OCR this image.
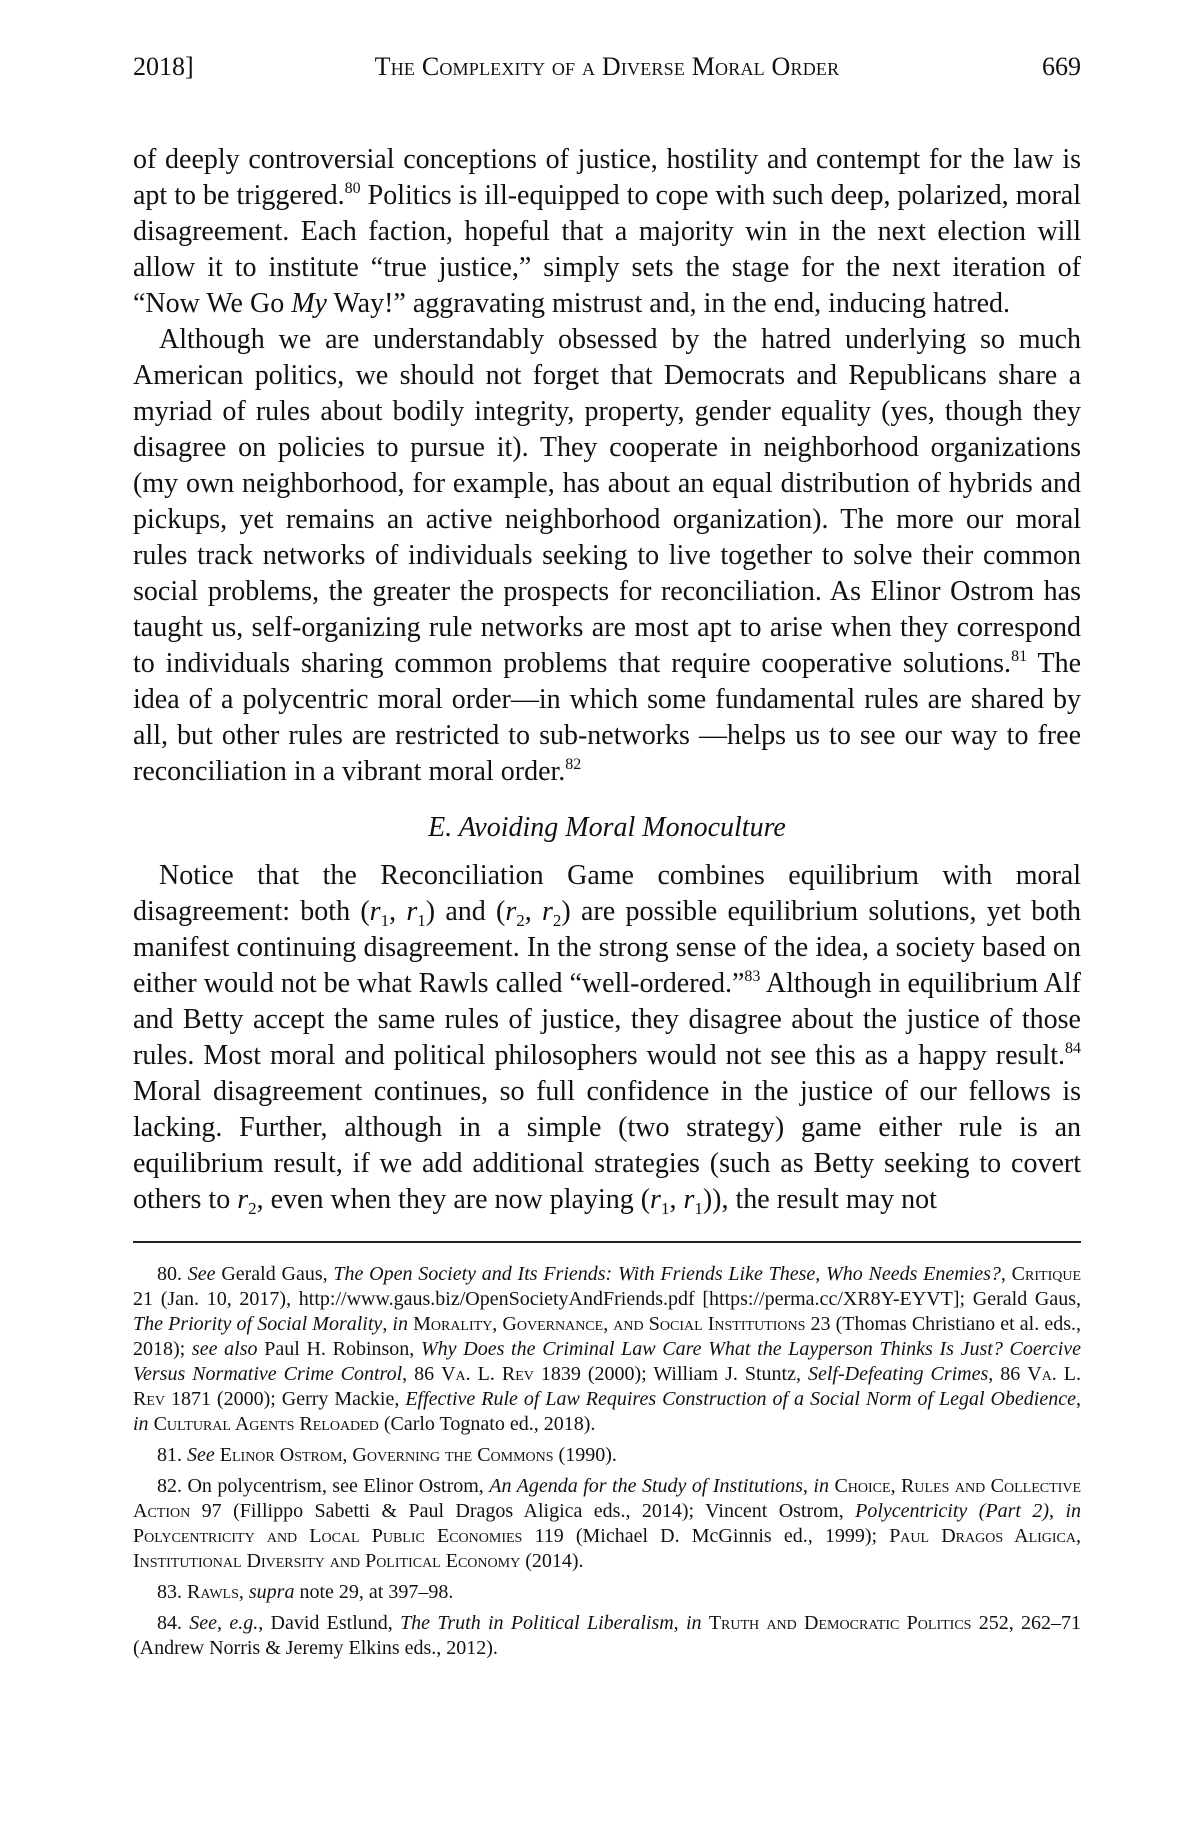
2018]	The Complexity of a Diverse Moral Order	669

of deeply controversial conceptions of justice, hostility and contempt for the law is apt to be triggered.$^{80}$ Politics is ill-equipped to cope with such deep, polarized, moral disagreement. Each faction, hopeful that a majority win in the next election will allow it to institute “true justice,” simply sets the stage for the next iteration of “Now We Go My Way!” aggravating mistrust and, in the end, inducing hatred.

Although we are understandably obsessed by the hatred underlying so much American politics, we should not forget that Democrats and Republicans share a myriad of rules about bodily integrity, property, gender equality (yes, though they disagree on policies to pursue it). They cooperate in neighborhood organizations (my own neighborhood, for example, has about an equal distribution of hybrids and pickups, yet remains an active neighborhood organization). The more our moral rules track networks of individuals seeking to live together to solve their common social problems, the greater the prospects for reconciliation. As Elinor Ostrom has taught us, self-organizing rule networks are most apt to arise when they correspond to individuals sharing common problems that require cooperative solutions.$^{81}$ The idea of a polycentric moral order—in which some fundamental rules are shared by all, but other rules are restricted to sub-networks —helps us to see our way to free reconciliation in a vibrant moral order.$^{82}$

E. Avoiding Moral Monoculture

Notice that the Reconciliation Game combines equilibrium with moral disagreement: both ($r_1$, $r_1$) and ($r_2$, $r_2$) are possible equilibrium solutions, yet both manifest continuing disagreement. In the strong sense of the idea, a society based on either would not be what Rawls called “well-ordered.”$^{83}$ Although in equilibrium Alf and Betty accept the same rules of justice, they disagree about the justice of those rules. Most moral and political philosophers would not see this as a happy result.$^{84}$ Moral disagreement continues, so full confidence in the justice of our fellows is lacking. Further, although in a simple (two strategy) game either rule is an equilibrium result, if we add additional strategies (such as Betty seeking to covert others to $r_2$, even when they are now playing ($r_1$, $r_1$)), the result may not

80. See Gerald Gaus, The Open Society and Its Friends: With Friends Like These, Who Needs Enemies?, Critique 21 (Jan. 10, 2017), http://www.gaus.biz/OpenSocietyAndFriends.pdf [https://perma.cc/XR8Y-EYVT]; Gerald Gaus, The Priority of Social Morality, in Morality, Governance, and Social Institutions 23 (Thomas Christiano et al. eds., 2018); see also Paul H. Robinson, Why Does the Criminal Law Care What the Layperson Thinks Is Just? Coercive Versus Normative Crime Control, 86 Va. L. Rev 1839 (2000); William J. Stuntz, Self-Defeating Crimes, 86 Va. L. Rev 1871 (2000); Gerry Mackie, Effective Rule of Law Requires Construction of a Social Norm of Legal Obedience, in Cultural Agents Reloaded (Carlo Tognato ed., 2018).

81. See Elinor Ostrom, Governing the Commons (1990).

82. On polycentrism, see Elinor Ostrom, An Agenda for the Study of Institutions, in Choice, Rules and Collective Action 97 (Fillippo Sabetti & Paul Dragos Aligica eds., 2014); Vincent Ostrom, Polycentricity (Part 2), in Polycentricity and Local Public Economies 119 (Michael D. McGinnis ed., 1999); Paul Dragos Aligica, Institutional Diversity and Political Economy (2014).

83. Rawls, supra note 29, at 397–98.

84. See, e.g., David Estlund, The Truth in Political Liberalism, in Truth and Democratic Politics 252, 262–71 (Andrew Norris & Jeremy Elkins eds., 2012).
